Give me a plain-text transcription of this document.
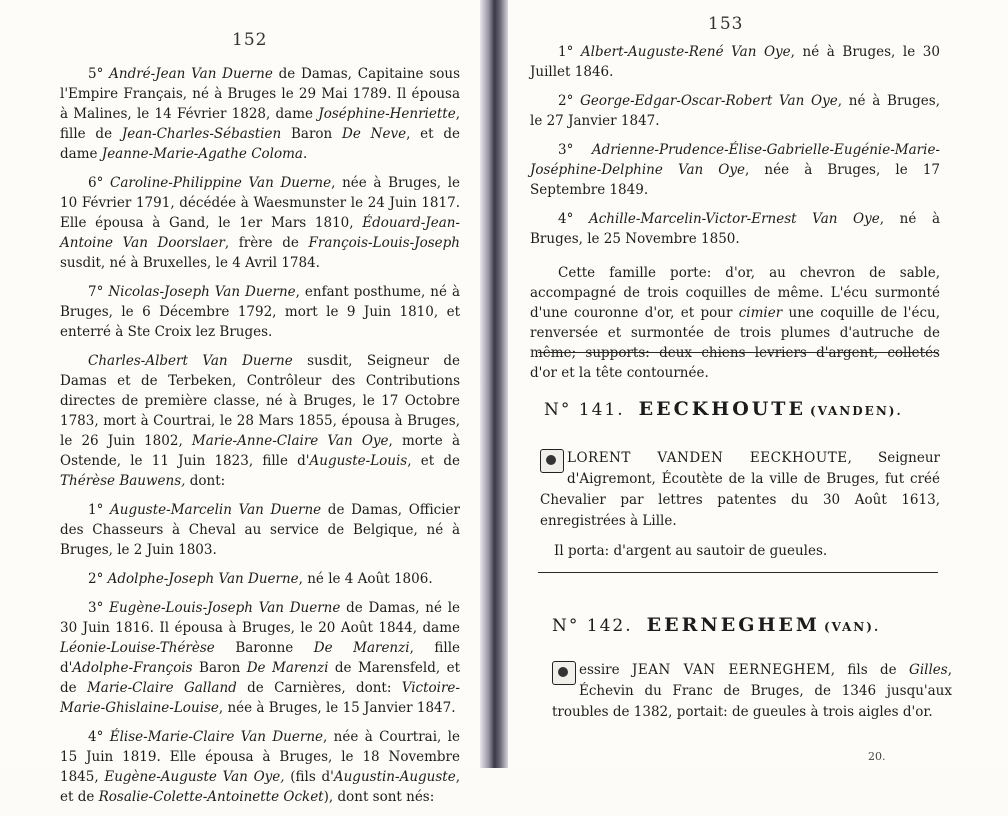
152

5° André-Jean Van Duerne de Damas, Capitaine sous l'Empire Français, né à Bruges le 29 Mai 1789. Il épousa à Malines, le 14 Février 1828, dame Joséphine-Henriette, fille de Jean-Charles-Sébastien Baron De Neve, et de dame Jeanne-Marie-Agathe Coloma.

6° Caroline-Philippine Van Duerne, née à Bruges, le 10 Février 1791, décédée à Waesmunster le 24 Juin 1817. Elle épousa à Gand, le 1er Mars 1810, Édouard-Jean-Antoine Van Doorslaer, frère de François-Louis-Joseph susdit, né à Bruxelles, le 4 Avril 1784.

7° Nicolas-Joseph Van Duerne, enfant posthume, né à Bruges, le 6 Décembre 1792, mort le 9 Juin 1810, et enterré à Ste Croix lez Bruges.

Charles-Albert Van Duerne susdit, Seigneur de Damas et de Terbeken, Contrôleur des Contributions directes de première classe, né à Bruges, le 17 Octobre 1783, mort à Courtrai, le 28 Mars 1855, épousa à Bruges, le 26 Juin 1802, Marie-Anne-Claire Van Oye, morte à Ostende, le 11 Juin 1823, fille d'Auguste-Louis, et de Thérèse Bauwens, dont:

1° Auguste-Marcelin Van Duerne de Damas, Officier des Chasseurs à Cheval au service de Belgique, né à Bruges, le 2 Juin 1803.

2° Adolphe-Joseph Van Duerne, né le 4 Août 1806.

3° Eugène-Louis-Joseph Van Duerne de Damas, né le 30 Juin 1816. Il épousa à Bruges, le 20 Août 1844, dame Léonie-Louise-Thérèse Baronne De Marenzi, fille d'Adolphe-François Baron De Marenzi de Marensfeld, et de Marie-Claire Galland de Carnières, dont: Victoire-Marie-Ghislaine-Louise, née à Bruges, le 15 Janvier 1847.

4° Élise-Marie-Claire Van Duerne, née à Courtrai, le 15 Juin 1819. Elle épousa à Bruges, le 18 Novembre 1845, Eugène-Auguste Van Oye, (fils d'Augustin-Auguste, et de Rosalie-Colette-Antoinette Ocket), dont sont nés:

153

1° Albert-Auguste-René Van Oye, né à Bruges, le 30 Juillet 1846.

2° George-Edgar-Oscar-Robert Van Oye, né à Bruges, le 27 Janvier 1847.

3° Adrienne-Prudence-Élise-Gabrielle-Eugénie-Marie-Joséphine-Delphine Van Oye, née à Bruges, le 17 Septembre 1849.

4° Achille-Marcelin-Victor-Ernest Van Oye, né à Bruges, le 25 Novembre 1850.

Cette famille porte: d'or, au chevron de sable, accompagné de trois coquilles de même. L'écu surmonté d'une couronne d'or, et pour cimier une coquille de l'écu, renversée et surmontée de trois plumes d'autruche de même; supports: deux chiens levriers d'argent, colletés d'or et la tête contournée.

N° 141. EECKHOUTE (VANDEN).

LORENT VANDEN EECKHOUTE, Seigneur d'Aigremont, Écoutète de la ville de Bruges, fut créé Chevalier par lettres patentes du 30 Août 1613, enregistrées à Lille.

Il porta: d'argent au sautoir de gueules.

N° 142. EERNEGHEM (VAN).

essire JEAN VAN EERNEGHEM, fils de Gilles, Échevin du Franc de Bruges, de 1346 jusqu'aux troubles de 1382, portait: de gueules à trois aigles d'or.

20.
